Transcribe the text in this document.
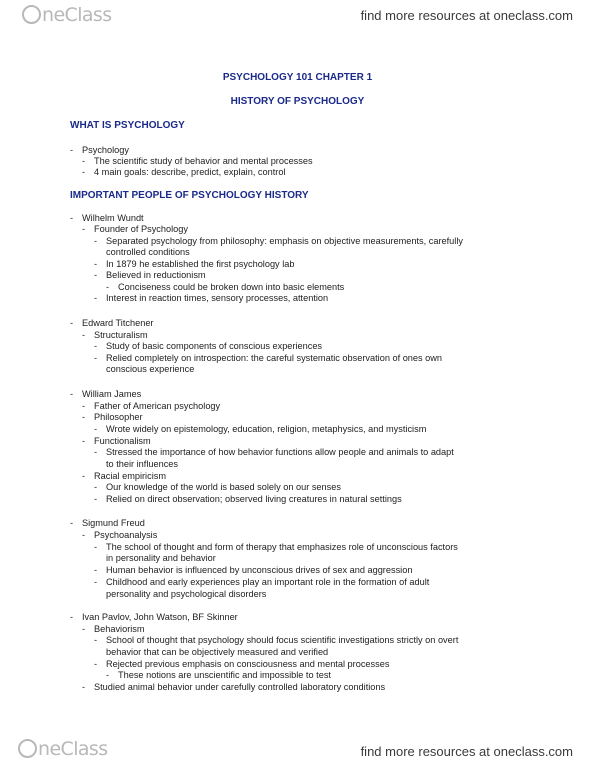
neClass	find more resources at oneclass.com
PSYCHOLOGY 101 CHAPTER 1
HISTORY OF PSYCHOLOGY
WHAT IS PSYCHOLOGY
- Psychology
- The scientific study of behavior and mental processes
- 4 main goals: describe, predict, explain, control
- Wilhelm Wundt
- Founder of Psychology
- Separated psychology from philosophy: emphasis on objective measurements, carefully
controlled conditions
- In 1879 he established the first psychology lab
- Believed in reductionism
- Conciseness could be broken down into basic elements
- Interest in reaction times, sensory processes, attention
- Edward Titchener
- Structuralism
- Study of basic components of conscious experiences
- Relied completely on introspection: the careful systematic observation of ones own
conscious experience
- William James
- Father of American psychology
- Philosopher
- Wrote widely on epistemology, education, religion, metaphysics, and mysticism
- Functionalism
- Stressed the importance of how behavior functions allow people and animals to adapt
to their influences
- Racial empiricism
- Our knowledge of the world is based solely on our senses
- Relied on direct observation; observed living creatures in natural settings
- Sigmund Freud
- Psychoanalysis
- The school of thought and form of therapy that emphasizes role of unconscious factors
in personality and behavior
- Human behavior is influenced by unconscious drives of sex and aggression
- Childhood and early experiences play an important role in the formation of adult
personality and psychological disorders
- Ivan Pavlov, John Watson, BF Skinner
- Behaviorism
- School of thought that psychology should focus scientific investigations strictly on overt
behavior that can be objectively measured and verified
- Rejected previous emphasis on consciousness and mental processes
- These notions are unscientific and impossible to test
- Studied animal behavior under carefully controlled laboratory conditions
IMPORTANT PEOPLE OF PSYCHOLOGY HISTORY
neClass	find more resources at oneclass.com
